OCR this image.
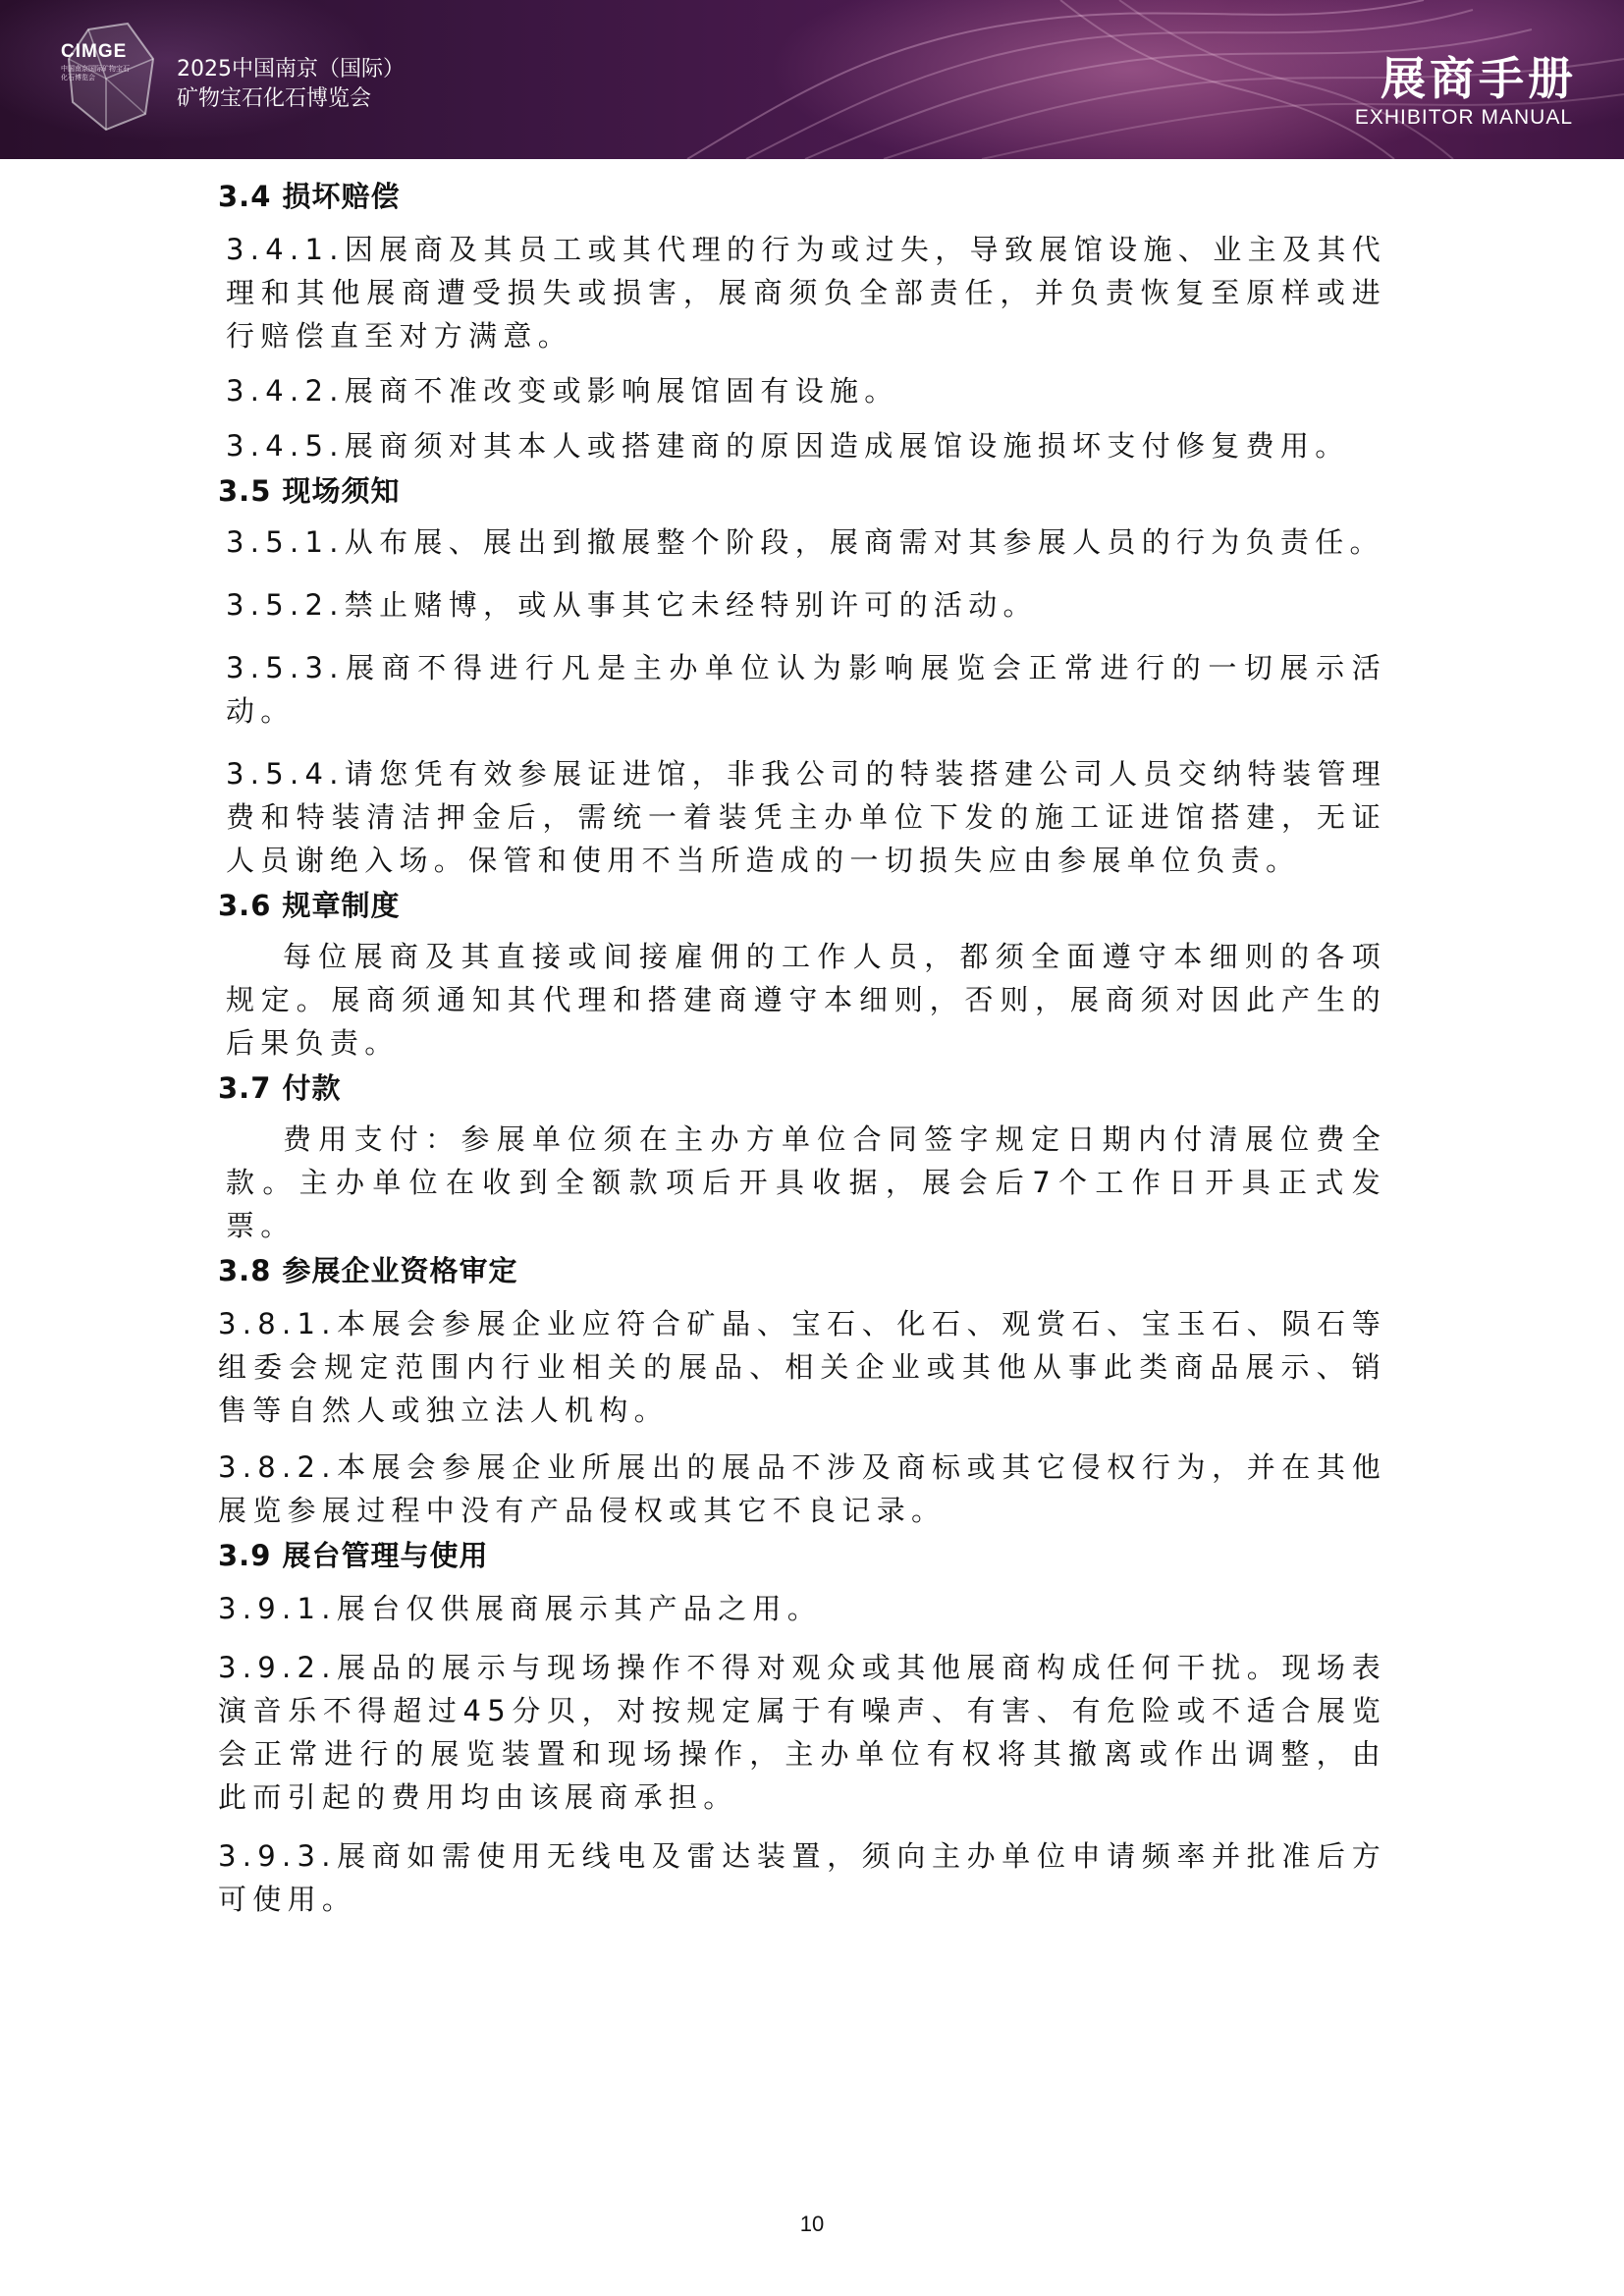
CIMGE
中国南京国际矿物宝石化石博览会	2025中国南京（国际）
矿物宝石化石博览会	展商手册
EXHIBITOR MANUAL
3.4 损坏赔偿

3.4.1.因展商及其员工或其代理的行为或过失，导致展馆设施、业主及其代理和其他展商遭受损失或损害，展商须负全部责任，并负责恢复至原样或进行赔偿直至对方满意。

3.4.2.展商不准改变或影响展馆固有设施。

3.4.5.展商须对其本人或搭建商的原因造成展馆设施损坏支付修复费用。

3.5 现场须知

3.5.1.从布展、展出到撤展整个阶段，展商需对其参展人员的行为负责任。

3.5.2.禁止赌博，或从事其它未经特别许可的活动。

3.5.3.展商不得进行凡是主办单位认为影响展览会正常进行的一切展示活动。

3.5.4.请您凭有效参展证进馆，非我公司的特装搭建公司人员交纳特装管理费和特装清洁押金后，需统一着装凭主办单位下发的施工证进馆搭建，无证人员谢绝入场。保管和使用不当所造成的一切损失应由参展单位负责。

3.6 规章制度

每位展商及其直接或间接雇佣的工作人员，都须全面遵守本细则的各项规定。展商须通知其代理和搭建商遵守本细则，否则，展商须对因此产生的后果负责。

3.7 付款

费用支付：参展单位须在主办方单位合同签字规定日期内付清展位费全款。主办单位在收到全额款项后开具收据，展会后7个工作日开具正式发票。

3.8 参展企业资格审定

3.8.1.本展会参展企业应符合矿晶、宝石、化石、观赏石、宝玉石、陨石等组委会规定范围内行业相关的展品、相关企业或其他从事此类商品展示、销售等自然人或独立法人机构。

3.8.2.本展会参展企业所展出的展品不涉及商标或其它侵权行为，并在其他展览参展过程中没有产品侵权或其它不良记录。

3.9 展台管理与使用

3.9.1.展台仅供展商展示其产品之用。

3.9.2.展品的展示与现场操作不得对观众或其他展商构成任何干扰。现场表演音乐不得超过45分贝，对按规定属于有噪声、有害、有危险或不适合展览会正常进行的展览装置和现场操作，主办单位有权将其撤离或作出调整，由此而引起的费用均由该展商承担。

3.9.3.展商如需使用无线电及雷达装置，须向主办单位申请频率并批准后方可使用。

10
